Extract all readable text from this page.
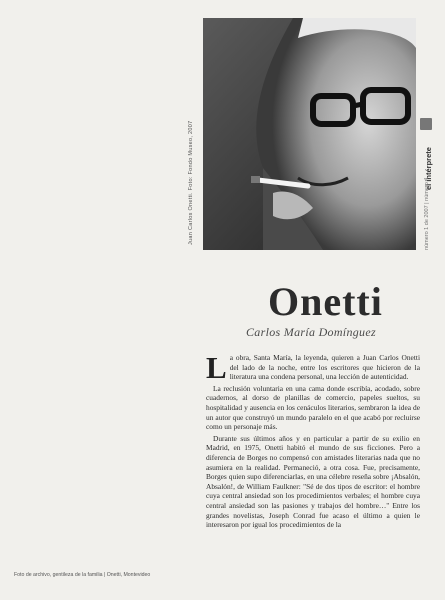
Juan Carlos Onetti. Foto: Fondo Museo, 2007	el intérprete
número 1 de 2007 | número 4
Onetti
Carlos María Domínguez

La obra, Santa María, la leyenda, quieren a Juan Carlos Onetti del lado de la noche, entre los escritores que hicieron de la literatura una condena personal, una lección de autenticidad.

La reclusión voluntaria en una cama donde escribía, acodado, sobre cuadernos, al dorso de planillas de comercio, papeles sueltos, su hospitalidad y ausencia en los cenáculos literarios, sembraron la idea de un autor que construyó un mundo paralelo en el que acabó por recluirse como un personaje más.

Durante sus últimos años y en particular a partir de su exilio en Madrid, en 1975, Onetti habitó el mundo de sus ficciones. Pero a diferencia de Borges no compensó con amistades literarias nada que no asumiera en la realidad. Permaneció, a otra cosa. Fue, precisamente, Borges quien supo diferenciarlas, en una célebre reseña sobre ¡Absalón, Absalón!, de William Faulkner: "Sé de dos tipos de escritor: el hombre cuya central ansiedad son los procedimientos verbales; el hombre cuya central ansiedad son las pasiones y trabajos del hombre…" Entre los grandes novelistas, Joseph Conrad fue acaso el último a quien le interesaron por igual los procedimientos de la

Foto de archivo, gentileza de la familia | Onetti, Montevideo
